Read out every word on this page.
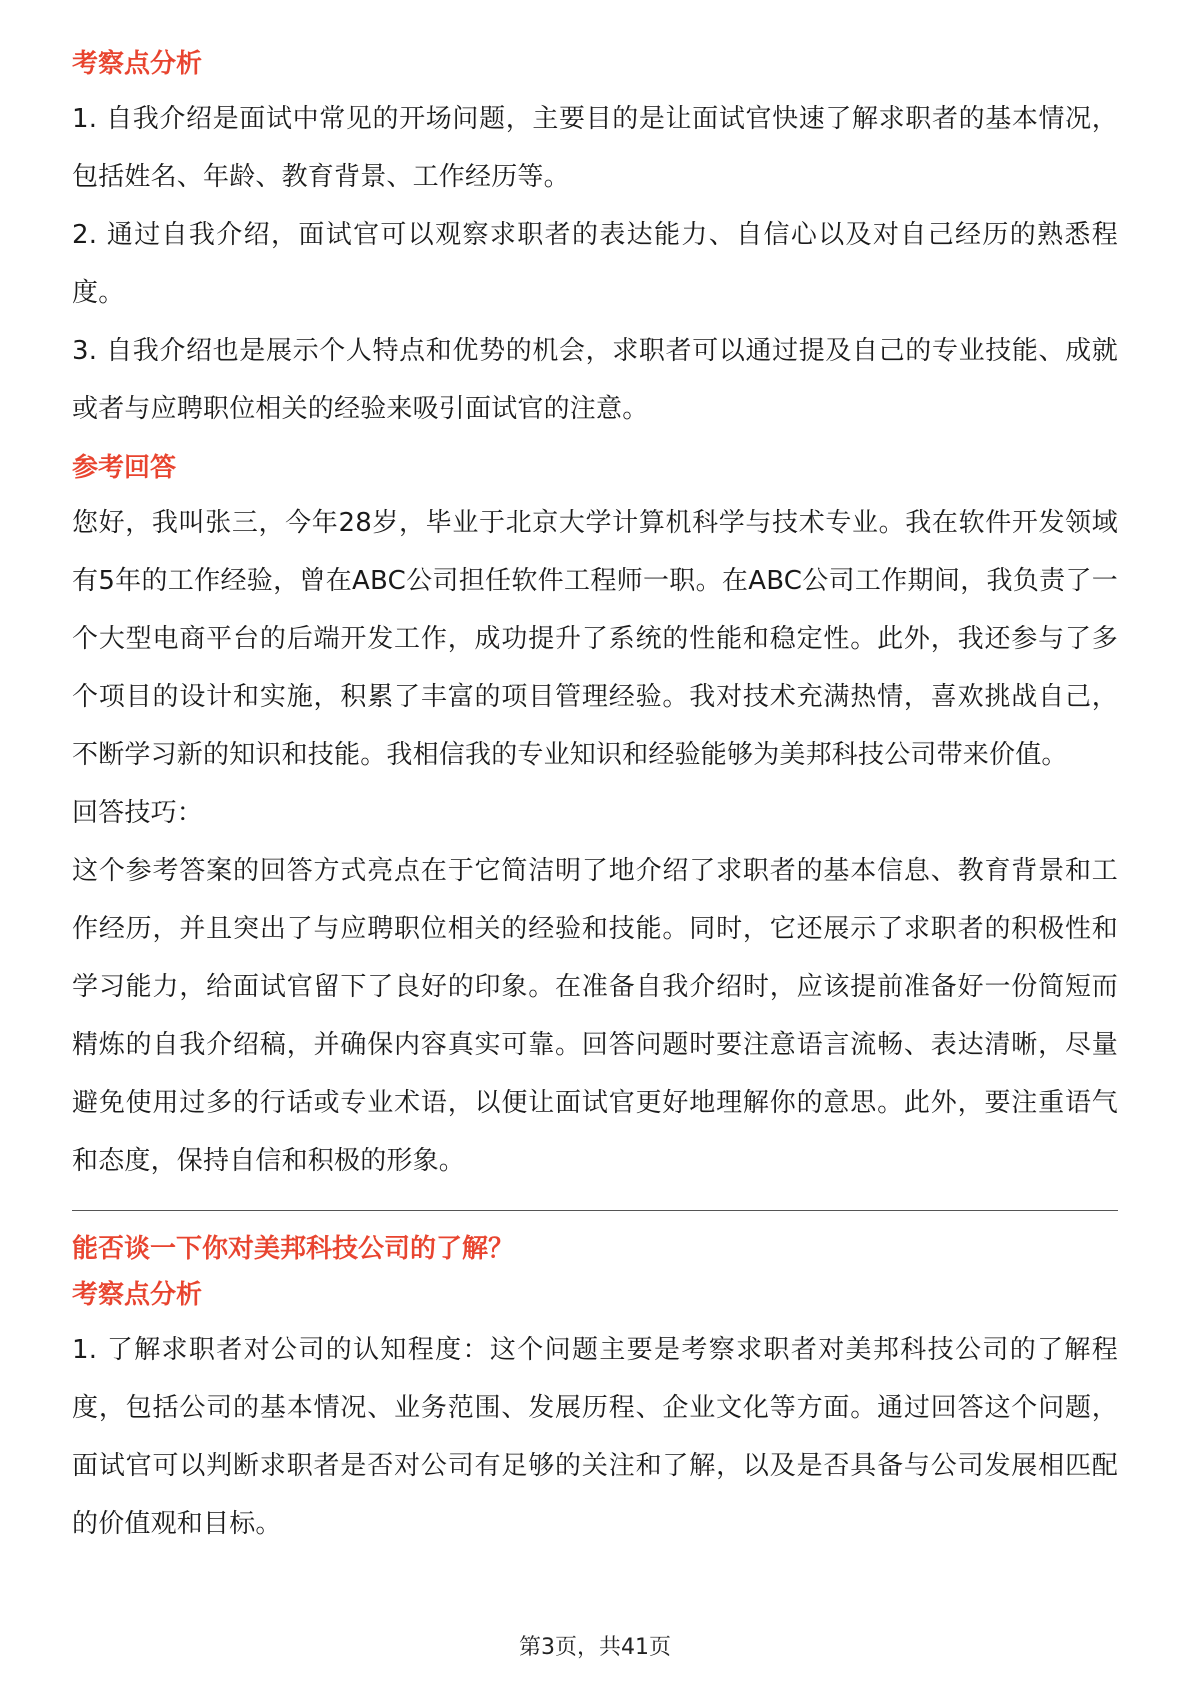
考察点分析

1. 自我介绍是面试中常见的开场问题，主要目的是让面试官快速了解求职者的基本情况，包括姓名、年龄、教育背景、工作经历等。

2. 通过自我介绍，面试官可以观察求职者的表达能力、自信心以及对自己经历的熟悉程度。

3. 自我介绍也是展示个人特点和优势的机会，求职者可以通过提及自己的专业技能、成就或者与应聘职位相关的经验来吸引面试官的注意。

参考回答

您好，我叫张三，今年28岁，毕业于北京大学计算机科学与技术专业。我在软件开发领域有5年的工作经验，曾在ABC公司担任软件工程师一职。在ABC公司工作期间，我负责了一个大型电商平台的后端开发工作，成功提升了系统的性能和稳定性。此外，我还参与了多个项目的设计和实施，积累了丰富的项目管理经验。我对技术充满热情，喜欢挑战自己，不断学习新的知识和技能。我相信我的专业知识和经验能够为美邦科技公司带来价值。

回答技巧：

这个参考答案的回答方式亮点在于它简洁明了地介绍了求职者的基本信息、教育背景和工作经历，并且突出了与应聘职位相关的经验和技能。同时，它还展示了求职者的积极性和学习能力，给面试官留下了良好的印象。在准备自我介绍时，应该提前准备好一份简短而精炼的自我介绍稿，并确保内容真实可靠。回答问题时要注意语言流畅、表达清晰，尽量避免使用过多的行话或专业术语，以便让面试官更好地理解你的意思。此外，要注重语气和态度，保持自信和积极的形象。

能否谈一下你对美邦科技公司的了解？
考察点分析

1. 了解求职者对公司的认知程度：这个问题主要是考察求职者对美邦科技公司的了解程度，包括公司的基本情况、业务范围、发展历程、企业文化等方面。通过回答这个问题，面试官可以判断求职者是否对公司有足够的关注和了解，以及是否具备与公司发展相匹配的价值观和目标。

第3页，共41页
